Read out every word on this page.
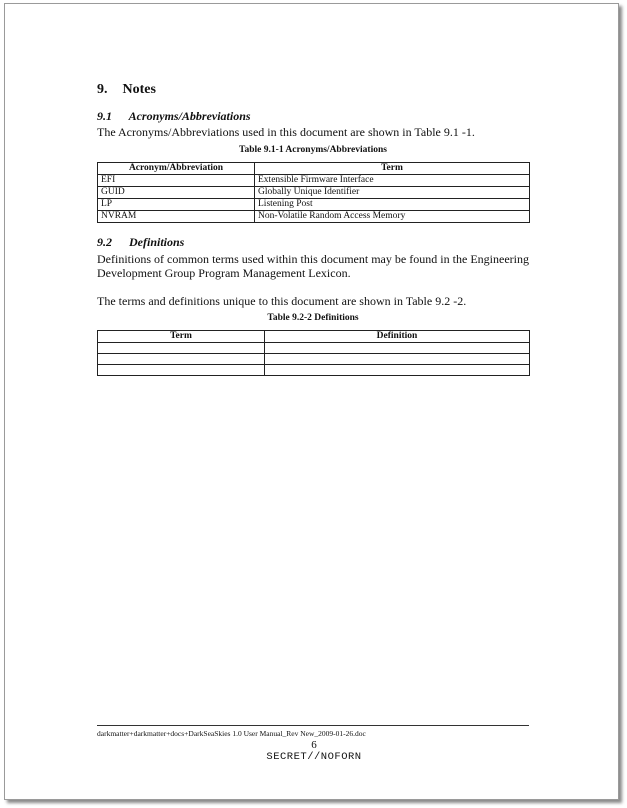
9. Notes
9.1 Acronyms/Abbreviations
The Acronyms/Abbreviations used in this document are shown in Table 9.1 -1.
Table 9.1-1 Acronyms/Abbreviations
Acronym/Abbreviation	Term
EFI	Extensible Firmware Interface
GUID	Globally Unique Identifier
LP	Listening Post
NVRAM	Non-Volatile Random Access Memory
9.2 Definitions
Definitions of common terms used within this document may be found in the Engineering Development Group Program Management Lexicon.
The terms and definitions unique to this document are shown in Table 9.2 -2.
Table 9.2-2 Definitions
Term	Definition

darkmatter+darkmatter+docs+DarkSeaSkies 1.0 User Manual_Rev New_2009-01-26.doc
6
SECRET//NOFORN
